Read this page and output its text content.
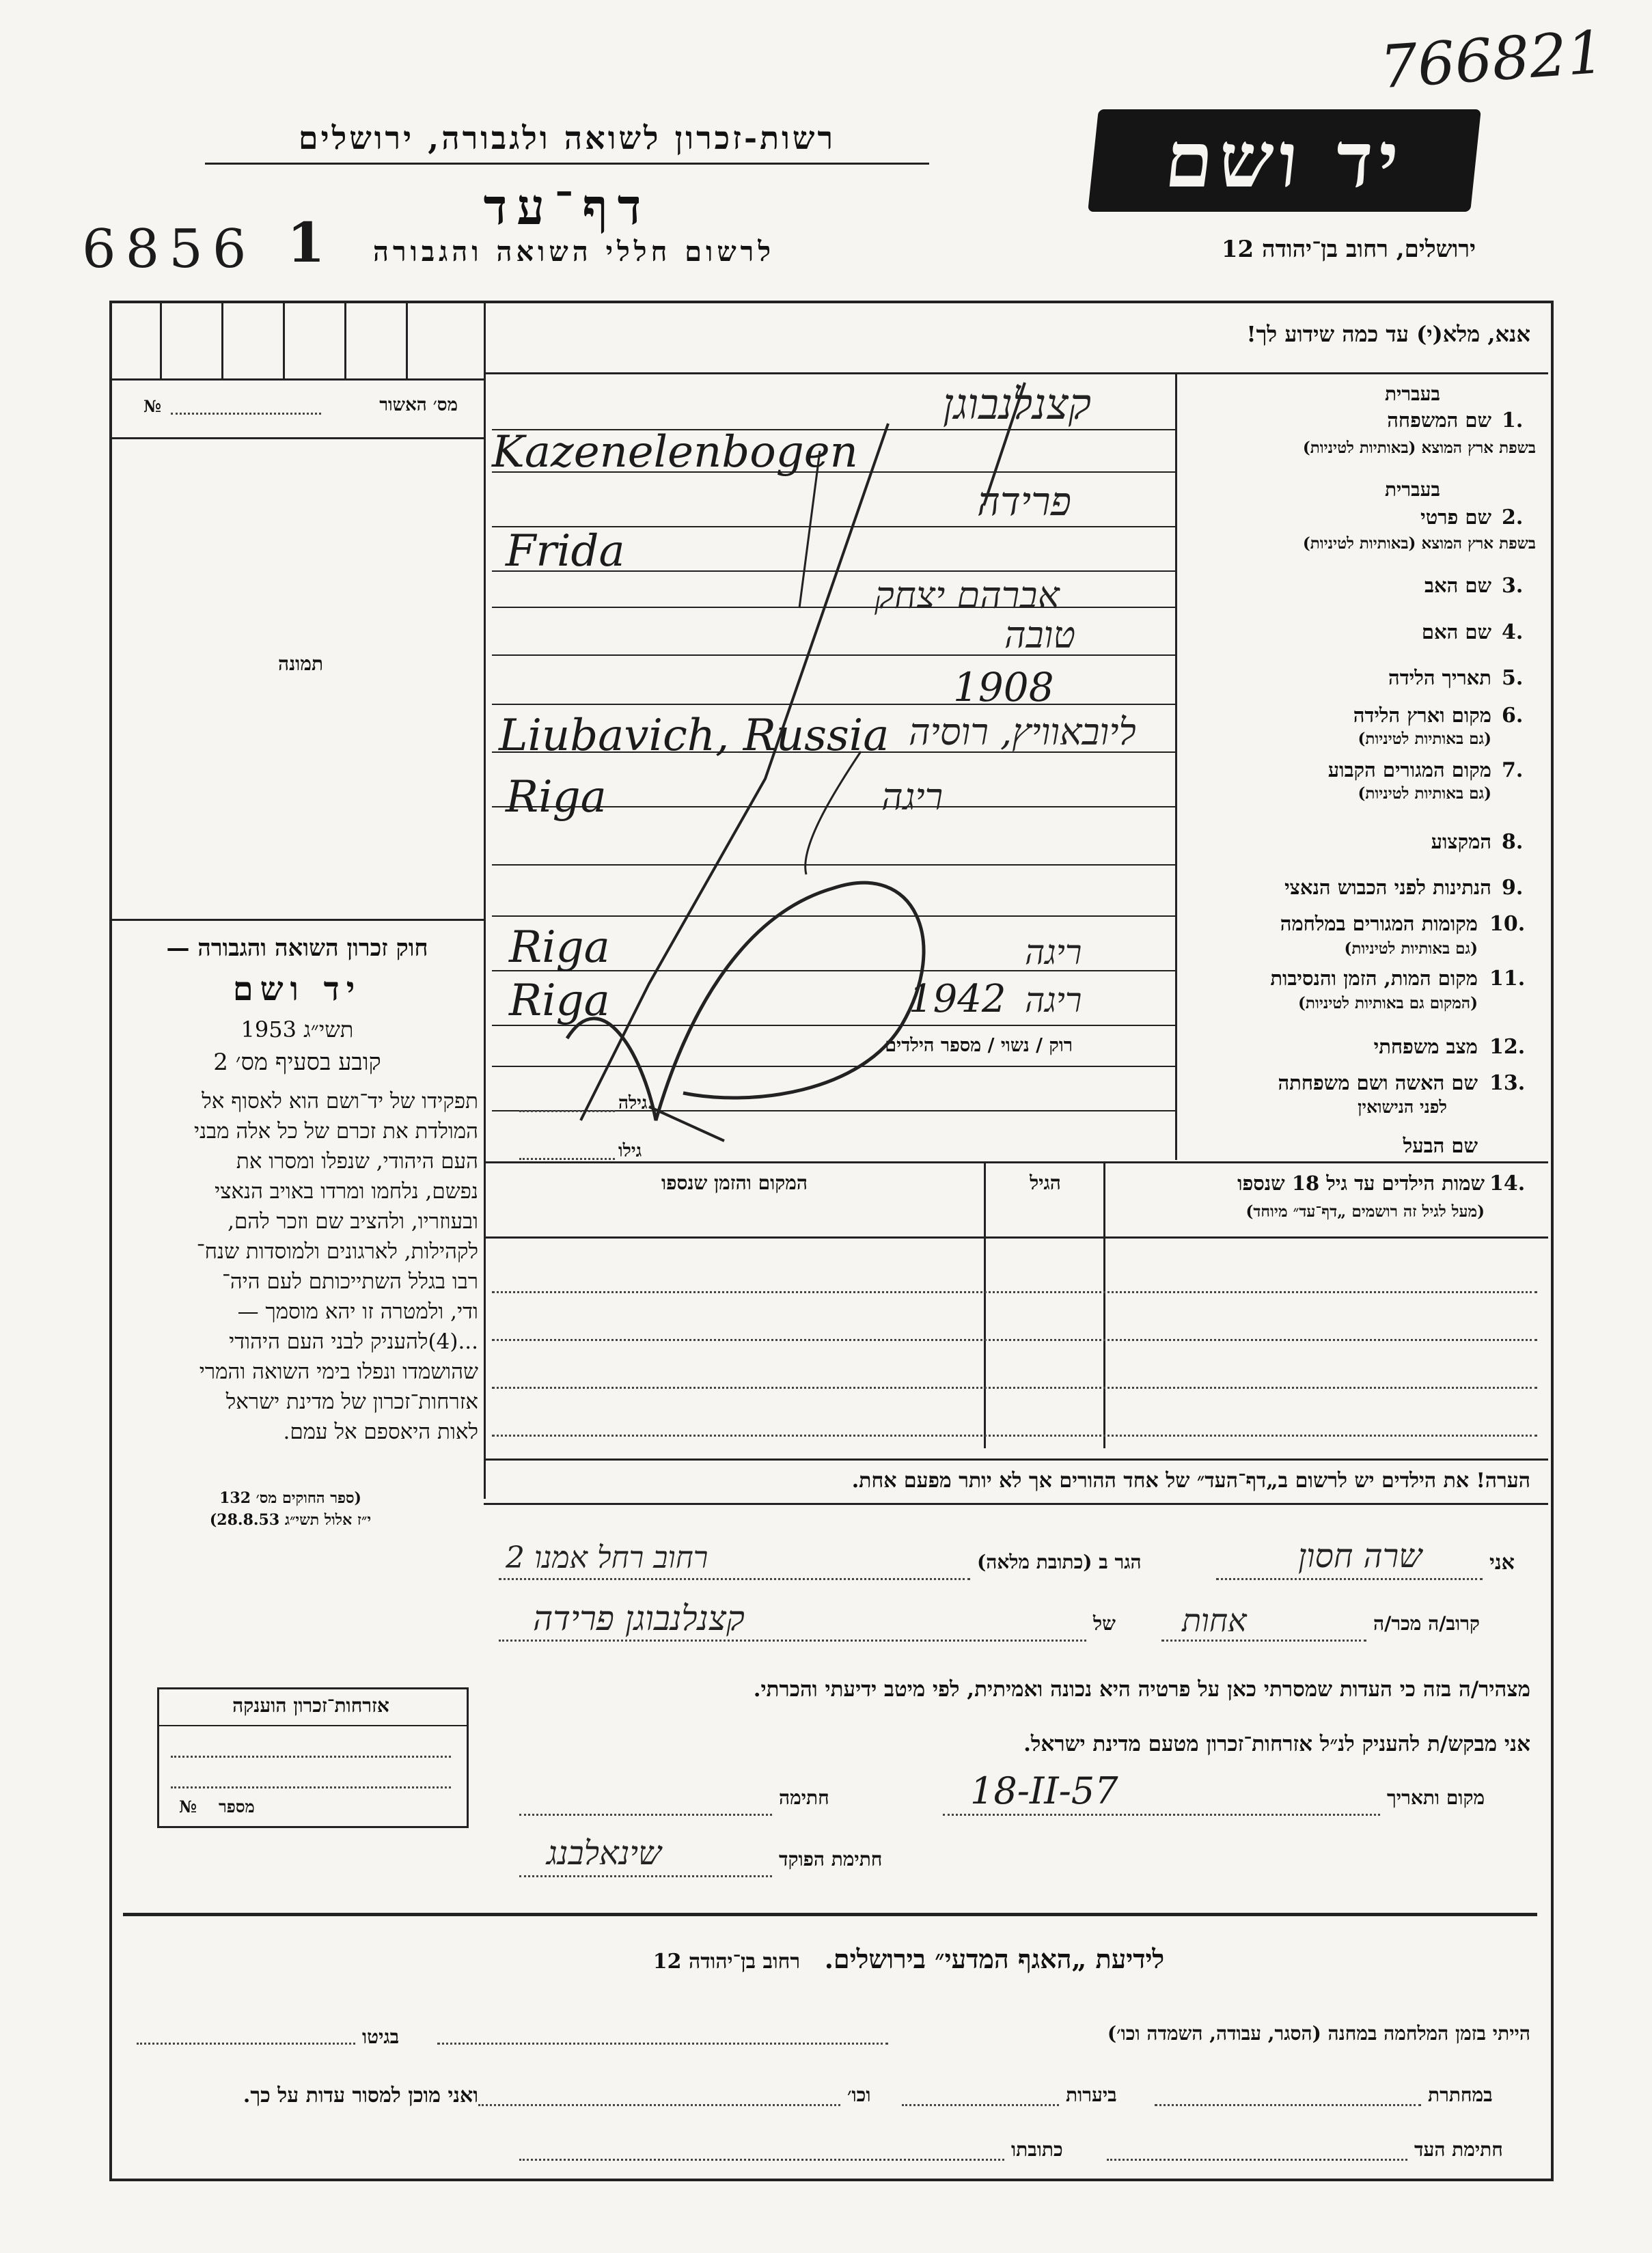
766821
רשות-זכרון לשואה ולגבורה, ירושלים
דף־עד
6856 1	לרשום חללי השואה והגבורה
יד ושם
ירושלים, רחוב בן־יהודה 12
מס׳ האשור
№
תמונה
חוק זכרון השואה והגבורה —
יד ושם
תשי״ג 1953
קובע בסעיף מס׳ 2
תפקידו של יד־ושם הוא לאסוף אל
המולדת את זכרם של כל אלה מבני
העם היהודי, שנפלו ומסרו את
נפשם, נלחמו ומרדו באויב הנאצי
ובעוזריו, ולהציב שם וזכר להם,
לקהילות, לארגונים ולמוסדות שנח־
רבו בגלל השתייכותם לעם היה־
ודי, ולמטרה זו יהא מוסמך —
...(4)להעניק לבני העם היהודי
שהושמדו ונפלו בימי השואה והמרי
אזרחות־זכרון של מדינת ישראל
לאות היאספם אל עמם.
(ספר החוקים מס׳ 132
י״ז אלול תשי״ג 28.8.53)
אנא, מלא(י) עד כמה שידוע לך!
בעברית
1.
שם המשפחה
בשפת ארץ המוצא (באותיות לטיניות)
קצנלנבוגן
Kazenelenbogen
בעברית
2.
שם פרטי
בשפת ארץ המוצא (באותיות לטיניות)
פרידה
Frida
3.
שם האב
אברהם יצחק
4.
שם האם
טובה
5.
תאריך הלידה
1908
6.
מקום וארץ הלידה
(גם באותיות לטיניות)
Liubavich, Russia ליובאוויץ, רוסיה
7.
מקום המגורים הקבוע
(גם באותיות לטיניות)
Riga	ריגה
8.
המקצוע
9.
הנתינות לפני הכבוש הנאצי
10.
מקומות המגורים במלחמה
(גם באותיות לטיניות)
Riga	ריגה
11.
מקום המות, הזמן והנסיבות
(המקום גם באותיות לטיניות)
Riga	1942 ריגה
12.
מצב משפחתי
רוק / נשוי / מספר הילדים
13.
שם האשה ושם משפחתה
לפני הנישואין
גילה
שם הבעל
גילו
14.
שמות הילדים עד גיל 18 שנספו
(מעל לגיל זה רושמים „דף־עד״ מיוחד)
הגיל
המקום והזמן שנספו
הערה! את הילדים יש לרשום ב„דף־העד״ של אחד ההורים אך לא יותר מפעם אחת.
אזרחות־זכרון הוענקה
מספר
№
אני
שרה חסון
הגר ב (כתובת מלאה)
רחוב רחל אמנו 2
קרוב/ה מכר/ה
אחות
של
קצנלנבוגן פרידה
מצהיר/ה בזה כי העדות שמסרתי כאן על פרטיה היא נכונה ואמיתית, לפי מיטב ידיעתי והכרתי.
אני מבקש/ת להעניק לנ״ל אזרחות־זכרון מטעם מדינת ישראל.
מקום ותאריך
18-II-57
חתימה
חתימת הפוקד
שינאלבנג
לידיעת „האגף המדעי״ בירושלים. רחוב בן־יהודה 12
הייתי בזמן המלחמה במחנה (הסגר, עבודה, השמדה וכו׳)
בגיטו
במחתרת
ביערות
וכו׳
ואני מוכן למסור עדות על כך.
חתימת העד
כתובתו
